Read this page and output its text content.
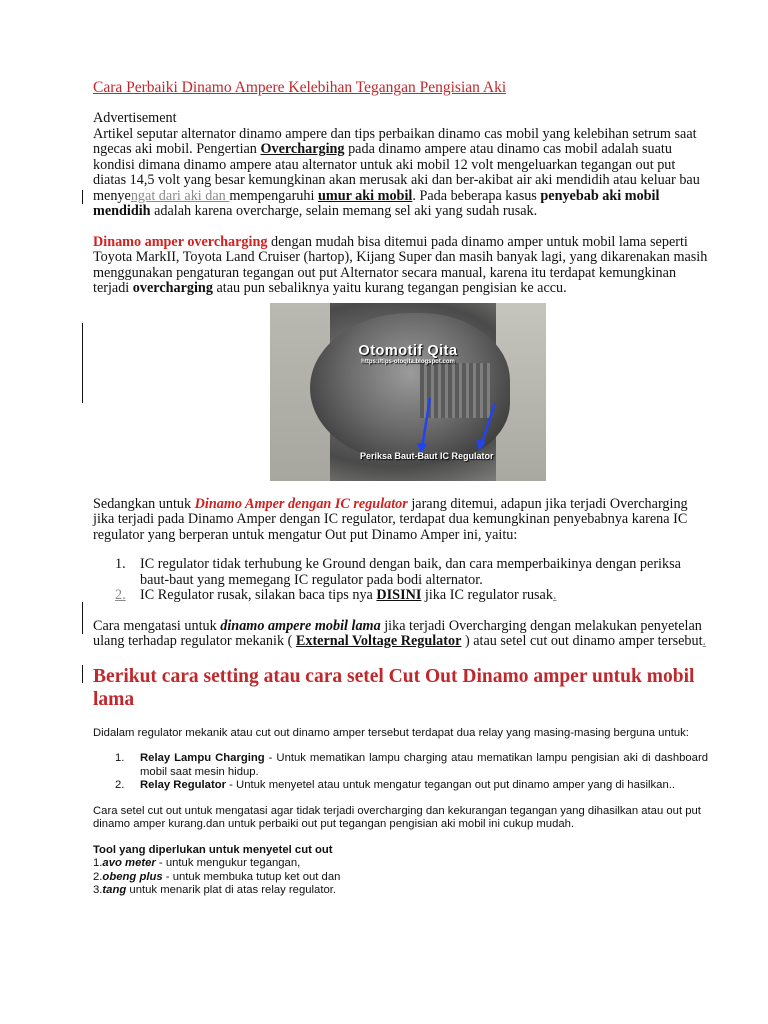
Cara Perbaiki Dinamo Ampere Kelebihan Tegangan Pengisian Aki

Advertisement

Artikel seputar alternator dinamo ampere dan tips perbaikan dinamo cas mobil yang kelebihan setrum saat ngecas aki mobil. Pengertian Overcharging pada dinamo ampere atau dinamo cas mobil adalah suatu kondisi dimana dinamo ampere atau alternator untuk aki mobil 12 volt mengeluarkan tegangan out put diatas 14,5 volt yang besar kemungkinan akan merusak aki dan ber-akibat air aki mendidih atau keluar bau menyengat dari aki dan mempengaruhi umur aki mobil. Pada beberapa kasus penyebab aki mobil mendidih adalah karena overcharge, selain memang sel aki yang sudah rusak.

Dinamo amper overcharging dengan mudah bisa ditemui pada dinamo amper untuk mobil lama seperti Toyota MarkII, Toyota Land Cruiser (hartop), Kijang Super dan masih banyak lagi, yang dikarenakan masih menggunakan pengaturan tegangan out put Alternator secara manual, karena itu terdapat kemungkinan terjadi overcharging atau pun sebaliknya yaitu kurang tegangan pengisian ke accu.

Otomotif Qita
https://tips-otoqita.blogspot.com
Periksa Baut-Baut IC Regulator

Sedangkan untuk Dinamo Amper dengan IC regulator jarang ditemui, adapun jika terjadi Overcharging jika terjadi pada Dinamo Amper dengan IC regulator, terdapat dua kemungkinan penyebabnya karena IC regulator yang berperan untuk mengatur Out put Dinamo Amper ini, yaitu:

1. IC regulator tidak terhubung ke Ground dengan baik, dan cara memperbaikinya dengan periksa baut-baut yang memegang IC regulator pada bodi alternator.
2. IC Regulator rusak, silakan baca tips nya DISINI jika IC regulator rusak.

Cara mengatasi untuk dinamo ampere mobil lama jika terjadi Overcharging dengan melakukan penyetelan ulang terhadap regulator mekanik ( External Voltage Regulator ) atau setel cut out dinamo amper tersebut.

Berikut cara setting atau cara setel Cut Out Dinamo amper untuk mobil lama

Didalam regulator mekanik atau cut out dinamo amper tersebut terdapat dua relay yang masing-masing berguna untuk:

1. Relay Lampu Charging - Untuk mematikan lampu charging atau mematikan lampu pengisian aki di dashboard mobil saat mesin hidup.
2. Relay Regulator - Untuk menyetel atau untuk mengatur tegangan out put dinamo amper yang di hasilkan..

Cara setel cut out untuk mengatasi agar tidak terjadi overcharging dan kekurangan tegangan yang dihasilkan atau out put dinamo amper kurang.dan untuk perbaiki out put tegangan pengisian aki mobil ini cukup mudah.

Tool yang diperlukan untuk menyetel cut out

1.avo meter - untuk mengukur tegangan,

2.obeng plus - untuk membuka tutup ket out dan

3.tang untuk menarik plat di atas relay regulator.
